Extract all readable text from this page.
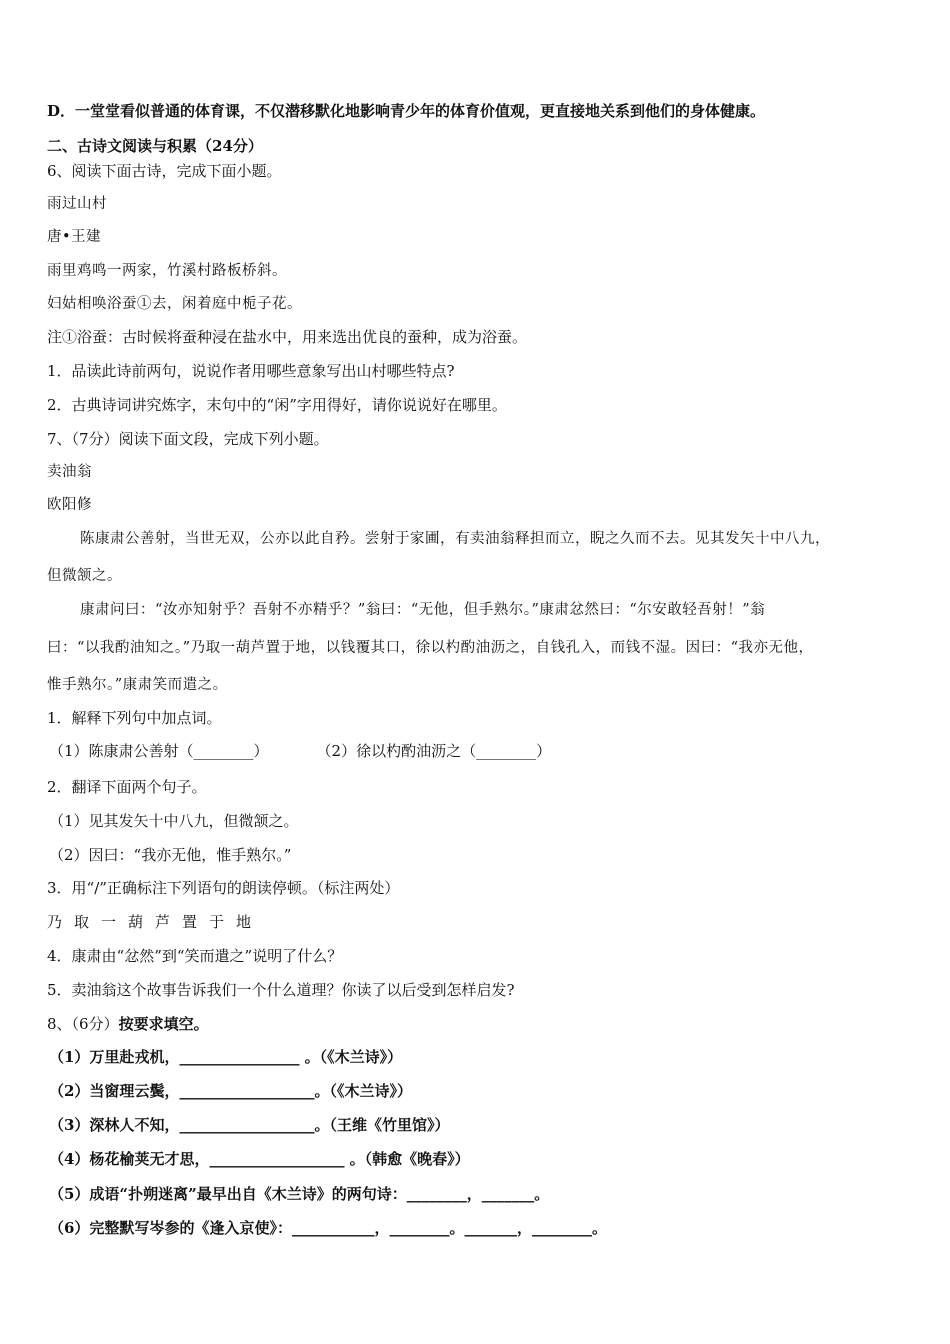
D．一堂堂看似普通的体育课，不仅潜移默化地影响青少年的体育价值观，更直接地关系到他们的身体健康。
二、古诗文阅读与积累（24分）
6、阅读下面古诗，完成下面小题。
雨过山村
唐•王建
雨里鸡鸣一两家，竹溪村路板桥斜。
妇姑相唤浴蚕①去，闲着庭中栀子花。
注①浴蚕：古时候将蚕种浸在盐水中，用来选出优良的蚕种，成为浴蚕。
1．品读此诗前两句，说说作者用哪些意象写出山村哪些特点?
2．古典诗词讲究炼字，末句中的“闲”字用得好，请你说说好在哪里。
7、（7分）阅读下面文段，完成下列小题。
卖油翁
欧阳修
陈康肃公善射，当世无双，公亦以此自矜。尝射于家圃，有卖油翁释担而立，睨之久而不去。见其发矢十中八九，
但微颔之。
康肃问曰：“汝亦知射乎？吾射不亦精乎？”翁曰：“无他，但手熟尔。”康肃忿然曰：“尔安敢轻吾射！”翁
曰：“以我酌油知之。”乃取一葫芦置于地，以钱覆其口，徐以杓酌油沥之，自钱孔入，而钱不湿。因曰：“我亦无他，
惟手熟尔。”康肃笑而遣之。
1．解释下列句中加点词。
（1）陈康肃公善射（________）	（2）徐以杓酌油沥之（________）
2．翻译下面两个句子。
（1）见其发矢十中八九，但微颔之。
（2）因曰：“我亦无他，惟手熟尔。”
3．用“/”正确标注下列语句的朗读停顿。（标注两处）
乃取一葫芦置于地
4．康肃由“忿然”到“笑而遣之”说明了什么？
5．卖油翁这个故事告诉我们一个什么道理？你读了以后受到怎样启发?
8、（6分）按要求填空。
（1）万里赴戎机，________________ 。（《木兰诗》）
（2）当窗理云鬓，__________________。（《木兰诗》）
（3）深林人不知，__________________。（王维《竹里馆》）
（4）杨花榆荚无才思，__________________ 。（韩愈《晚春》）
（5）成语“扑朔迷离”最早出自《木兰诗》的两句诗：________，_______。
（6）完整默写岑参的《逢入京使》：___________，________。_______，________。
